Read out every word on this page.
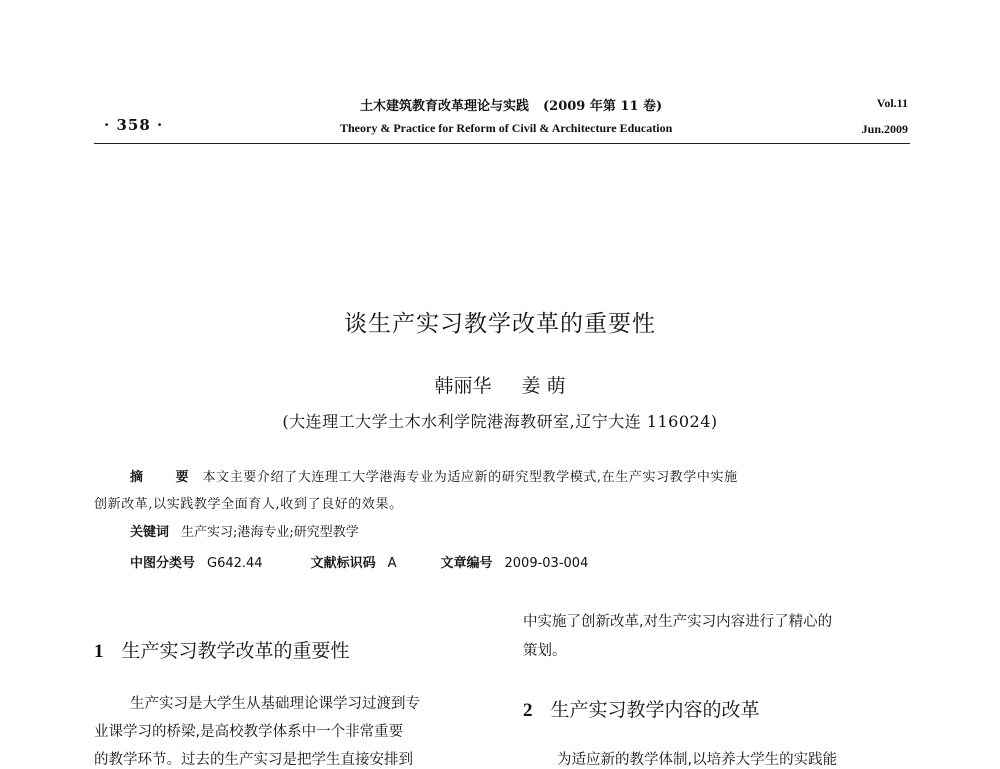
· 358 ·
土木建筑教育改革理论与实践 (2009 年第 11 卷)
Theory & Practice for Reform of Civil & Architecture Education
Vol.11
Jun.2009
谈生产实习教学改革的重要性
韩丽华 姜 萌
(大连理工大学土木水利学院港海教研室,辽宁大连 116024)
摘 要本文主要介绍了大连理工大学港海专业为适应新的研究型教学模式,在生产实习教学中实施
创新改革,以实践教学全面育人,收到了良好的效果。
关键词 生产实习;港海专业;研究型教学
中图分类号 G642.44	文献标识码 A	文章编号 2009-03-004
1 生产实习教学改革的重要性
生产实习是大学生从基础理论课学习过渡到专
业课学习的桥梁,是高校教学体系中一个非常重要
的教学环节。过去的生产实习是把学生直接安排到
中实施了创新改革,对生产实习内容进行了精心的
策划。
2 生产实习教学内容的改革
为适应新的教学体制,以培养大学生的实践能
